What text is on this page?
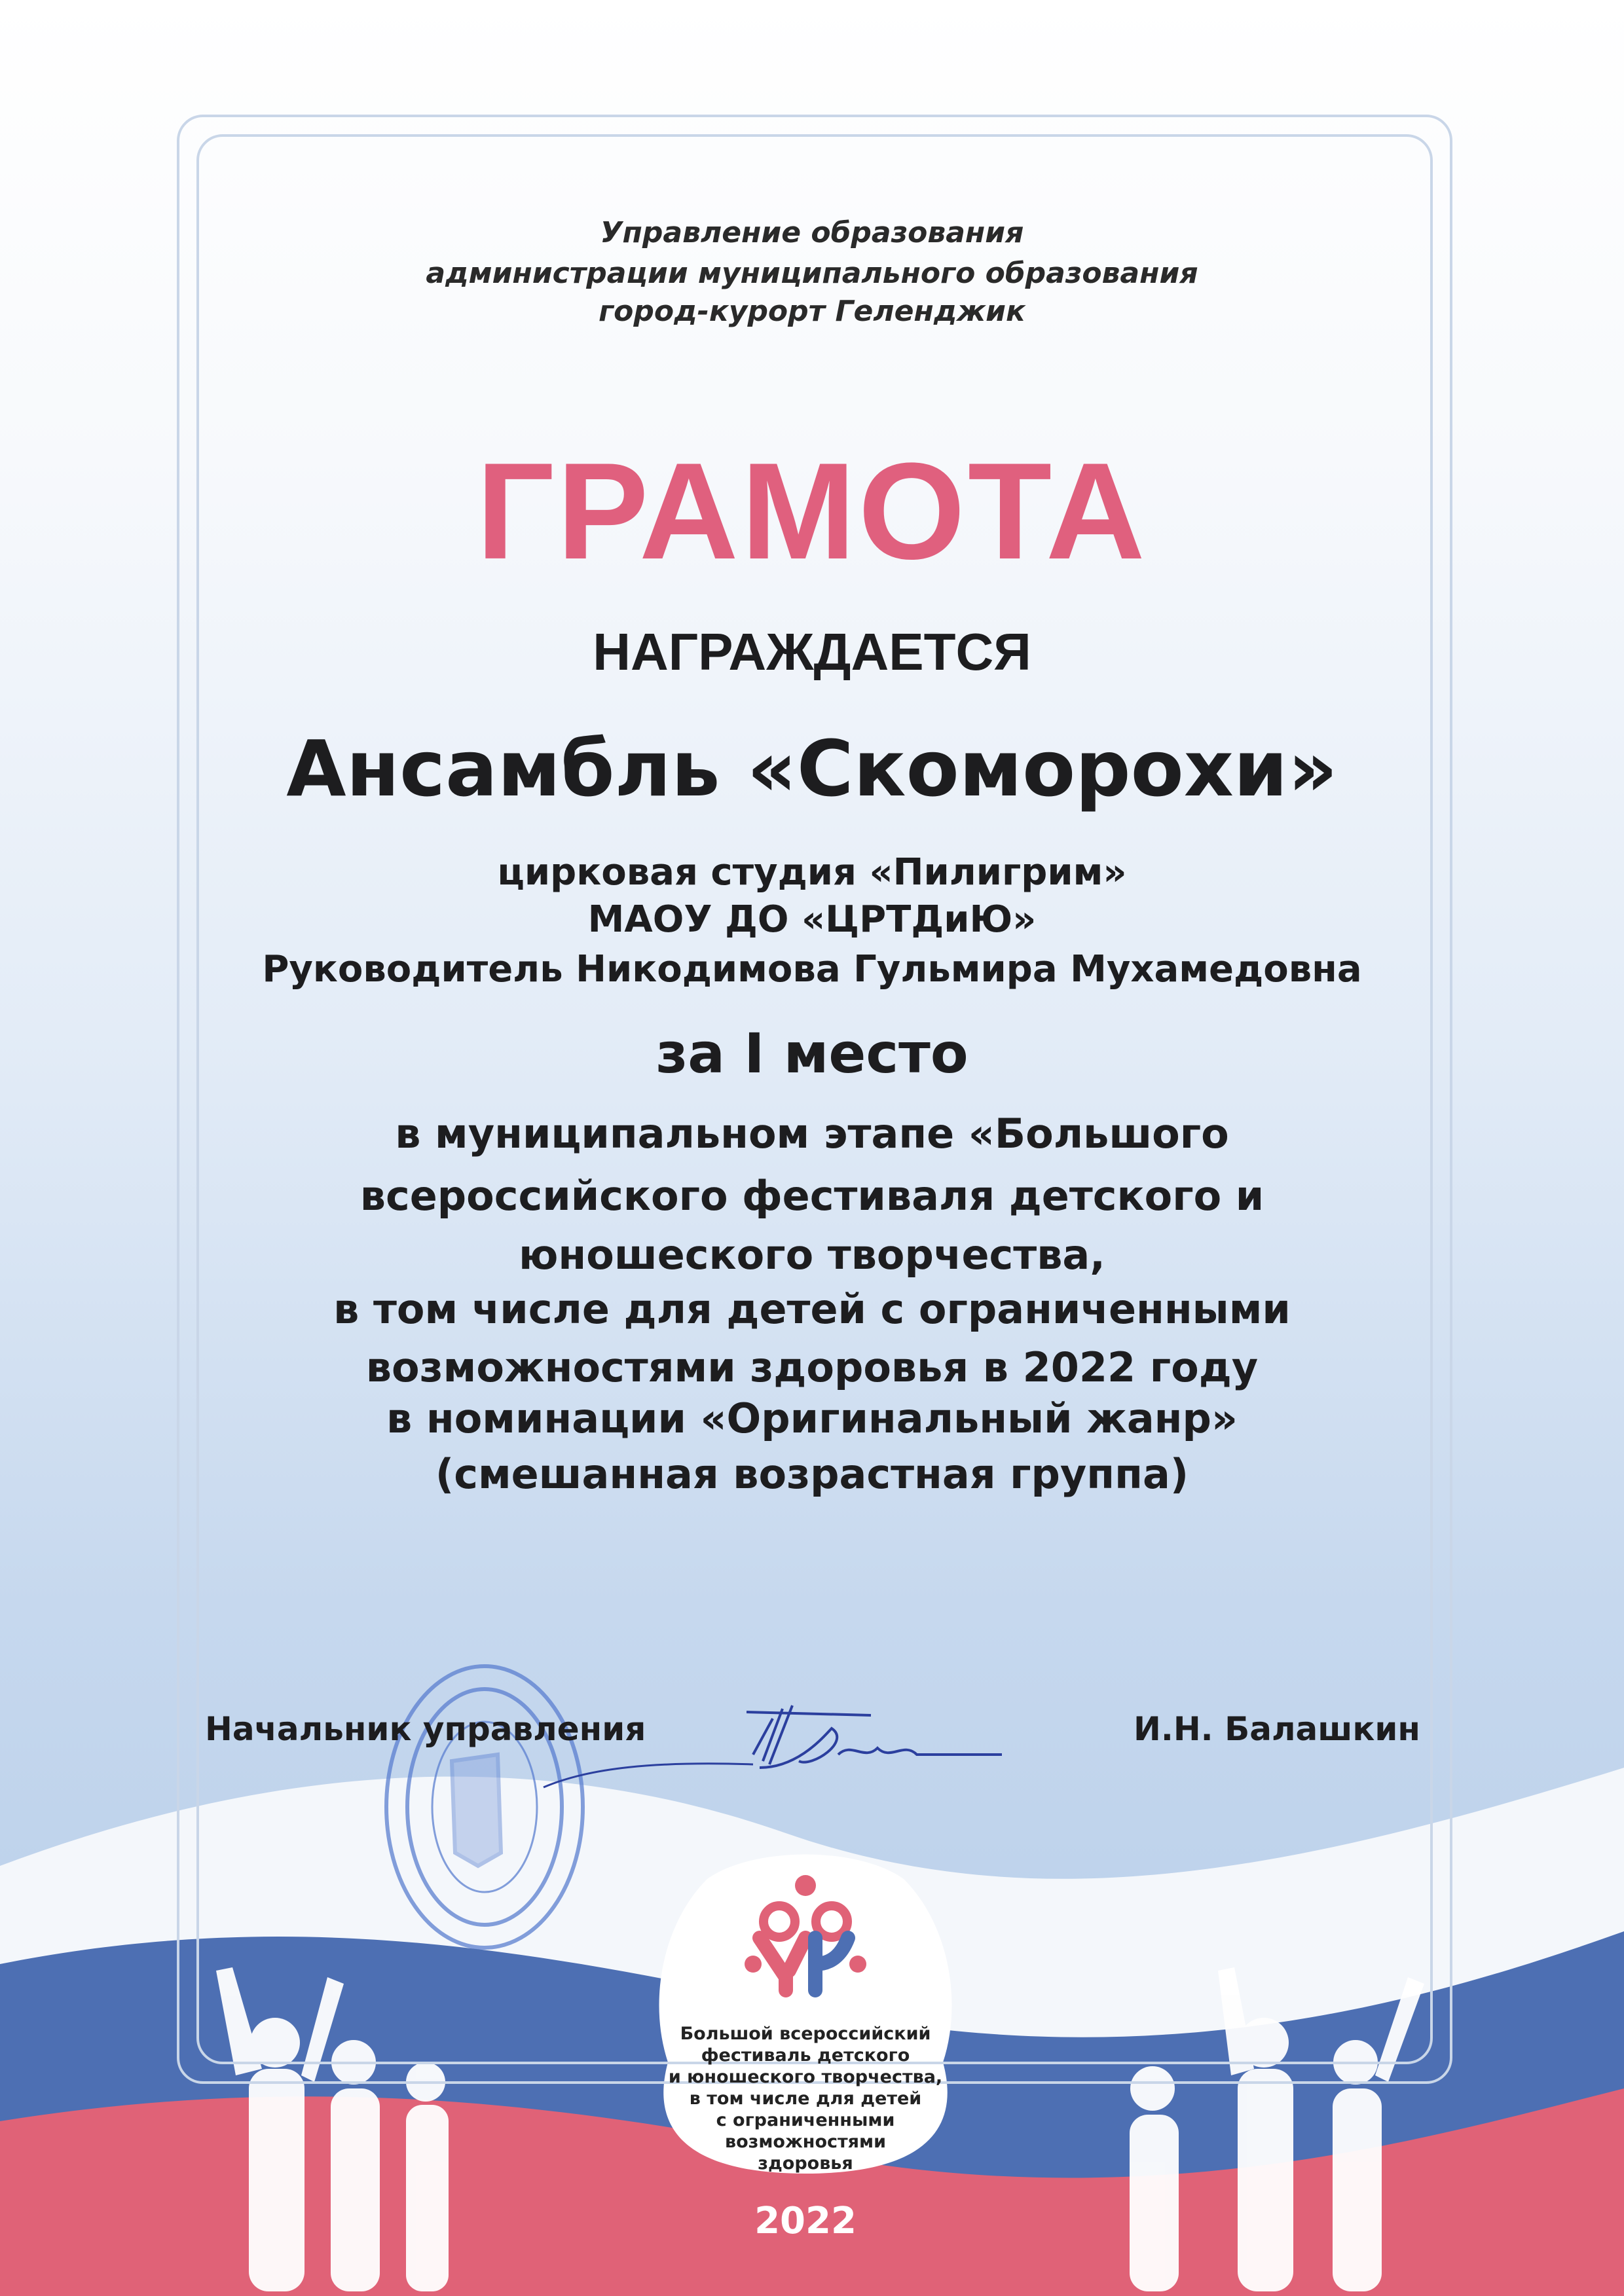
Управление образования
администрации муниципального образования
город-курорт Геленджик
ГРАМОТА
НАГРАЖДАЕТСЯ
Ансамбль «Скоморохи»
цирковая студия «Пилигрим»
МАОУ ДО «ЦРТДиЮ»
Руководитель Никодимова Гульмира Мухамедовна
за I место
в муниципальном этапе «Большого
всероссийского фестиваля детского и
юношеского творчества,
в том числе для детей с ограниченными
возможностями здоровья в 2022 году
в номинации «Оригинальный жанр»
(смешанная возрастная группа)
Начальник управления	И.Н. Балашкин
Большой всероссийский
фестиваль детского
и юношеского творчества,
в том числе для детей
с ограниченными
возможностями
здоровья
2022
